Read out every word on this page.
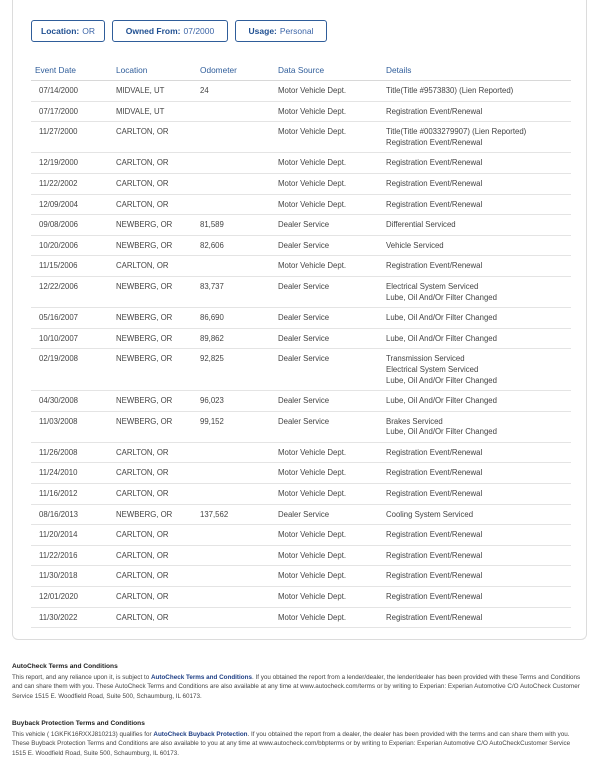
Location: OR	Owned From: 07/2000	Usage: Personal
Event Date	Location	Odometer	Data Source	Details
07/14/2000	MIDVALE, UT	24	Motor Vehicle Dept.	Title(Title #9573830) (Lien Reported)

07/17/2000	MIDVALE, UT		Motor Vehicle Dept.	Registration Event/Renewal

11/27/2000	CARLTON, OR		Motor Vehicle Dept.	Title(Title #0033279907) (Lien Reported)
Registration Event/Renewal

12/19/2000	CARLTON, OR		Motor Vehicle Dept.	Registration Event/Renewal

11/22/2002	CARLTON, OR		Motor Vehicle Dept.	Registration Event/Renewal

12/09/2004	CARLTON, OR		Motor Vehicle Dept.	Registration Event/Renewal

09/08/2006	NEWBERG, OR	81,589	Dealer Service	Differential Serviced

10/20/2006	NEWBERG, OR	82,606	Dealer Service	Vehicle Serviced

11/15/2006	CARLTON, OR		Motor Vehicle Dept.	Registration Event/Renewal

12/22/2006	NEWBERG, OR	83,737	Dealer Service	Electrical System Serviced
Lube, Oil And/Or Filter Changed

05/16/2007	NEWBERG, OR	86,690	Dealer Service	Lube, Oil And/Or Filter Changed

10/10/2007	NEWBERG, OR	89,862	Dealer Service	Lube, Oil And/Or Filter Changed

02/19/2008	NEWBERG, OR	92,825	Dealer Service	Transmission Serviced
Electrical System Serviced
Lube, Oil And/Or Filter Changed

04/30/2008	NEWBERG, OR	96,023	Dealer Service	Lube, Oil And/Or Filter Changed

11/03/2008	NEWBERG, OR	99,152	Dealer Service	Brakes Serviced
Lube, Oil And/Or Filter Changed

11/26/2008	CARLTON, OR		Motor Vehicle Dept.	Registration Event/Renewal

11/24/2010	CARLTON, OR		Motor Vehicle Dept.	Registration Event/Renewal

11/16/2012	CARLTON, OR		Motor Vehicle Dept.	Registration Event/Renewal

08/16/2013	NEWBERG, OR	137,562	Dealer Service	Cooling System Serviced

11/20/2014	CARLTON, OR		Motor Vehicle Dept.	Registration Event/Renewal

11/22/2016	CARLTON, OR		Motor Vehicle Dept.	Registration Event/Renewal

11/30/2018	CARLTON, OR		Motor Vehicle Dept.	Registration Event/Renewal

12/01/2020	CARLTON, OR		Motor Vehicle Dept.	Registration Event/Renewal

11/30/2022	CARLTON, OR		Motor Vehicle Dept.	Registration Event/Renewal
AutoCheck Terms and Conditions

This report, and any reliance upon it, is subject to AutoCheck Terms and Conditions. If you obtained the report from a lender/dealer, the lender/dealer has been provided with these Terms and Conditions and can share them with you. These AutoCheck Terms and Conditions are also available at any time at www.autocheck.com/terms or by writing to Experian: Experian Automotive C/O AutoCheck Customer Service 1515 E. Woodfield Road, Suite 500, Schaumburg, IL 60173.

Buyback Protection Terms and Conditions

This vehicle ( 1GKFK16RXXJ810213) qualifies for AutoCheck Buyback Protection. If you obtained the report from a dealer, the dealer has been provided with the terms and can share them with you. These Buyback Protection Terms and Conditions are also available to you at any time at www.autocheck.com/bbpterms or by writing to Experian: Experian Automotive C/O AutoCheckCustomer Service 1515 E. Woodfield Road, Suite 500, Schaumburg, IL 60173.
